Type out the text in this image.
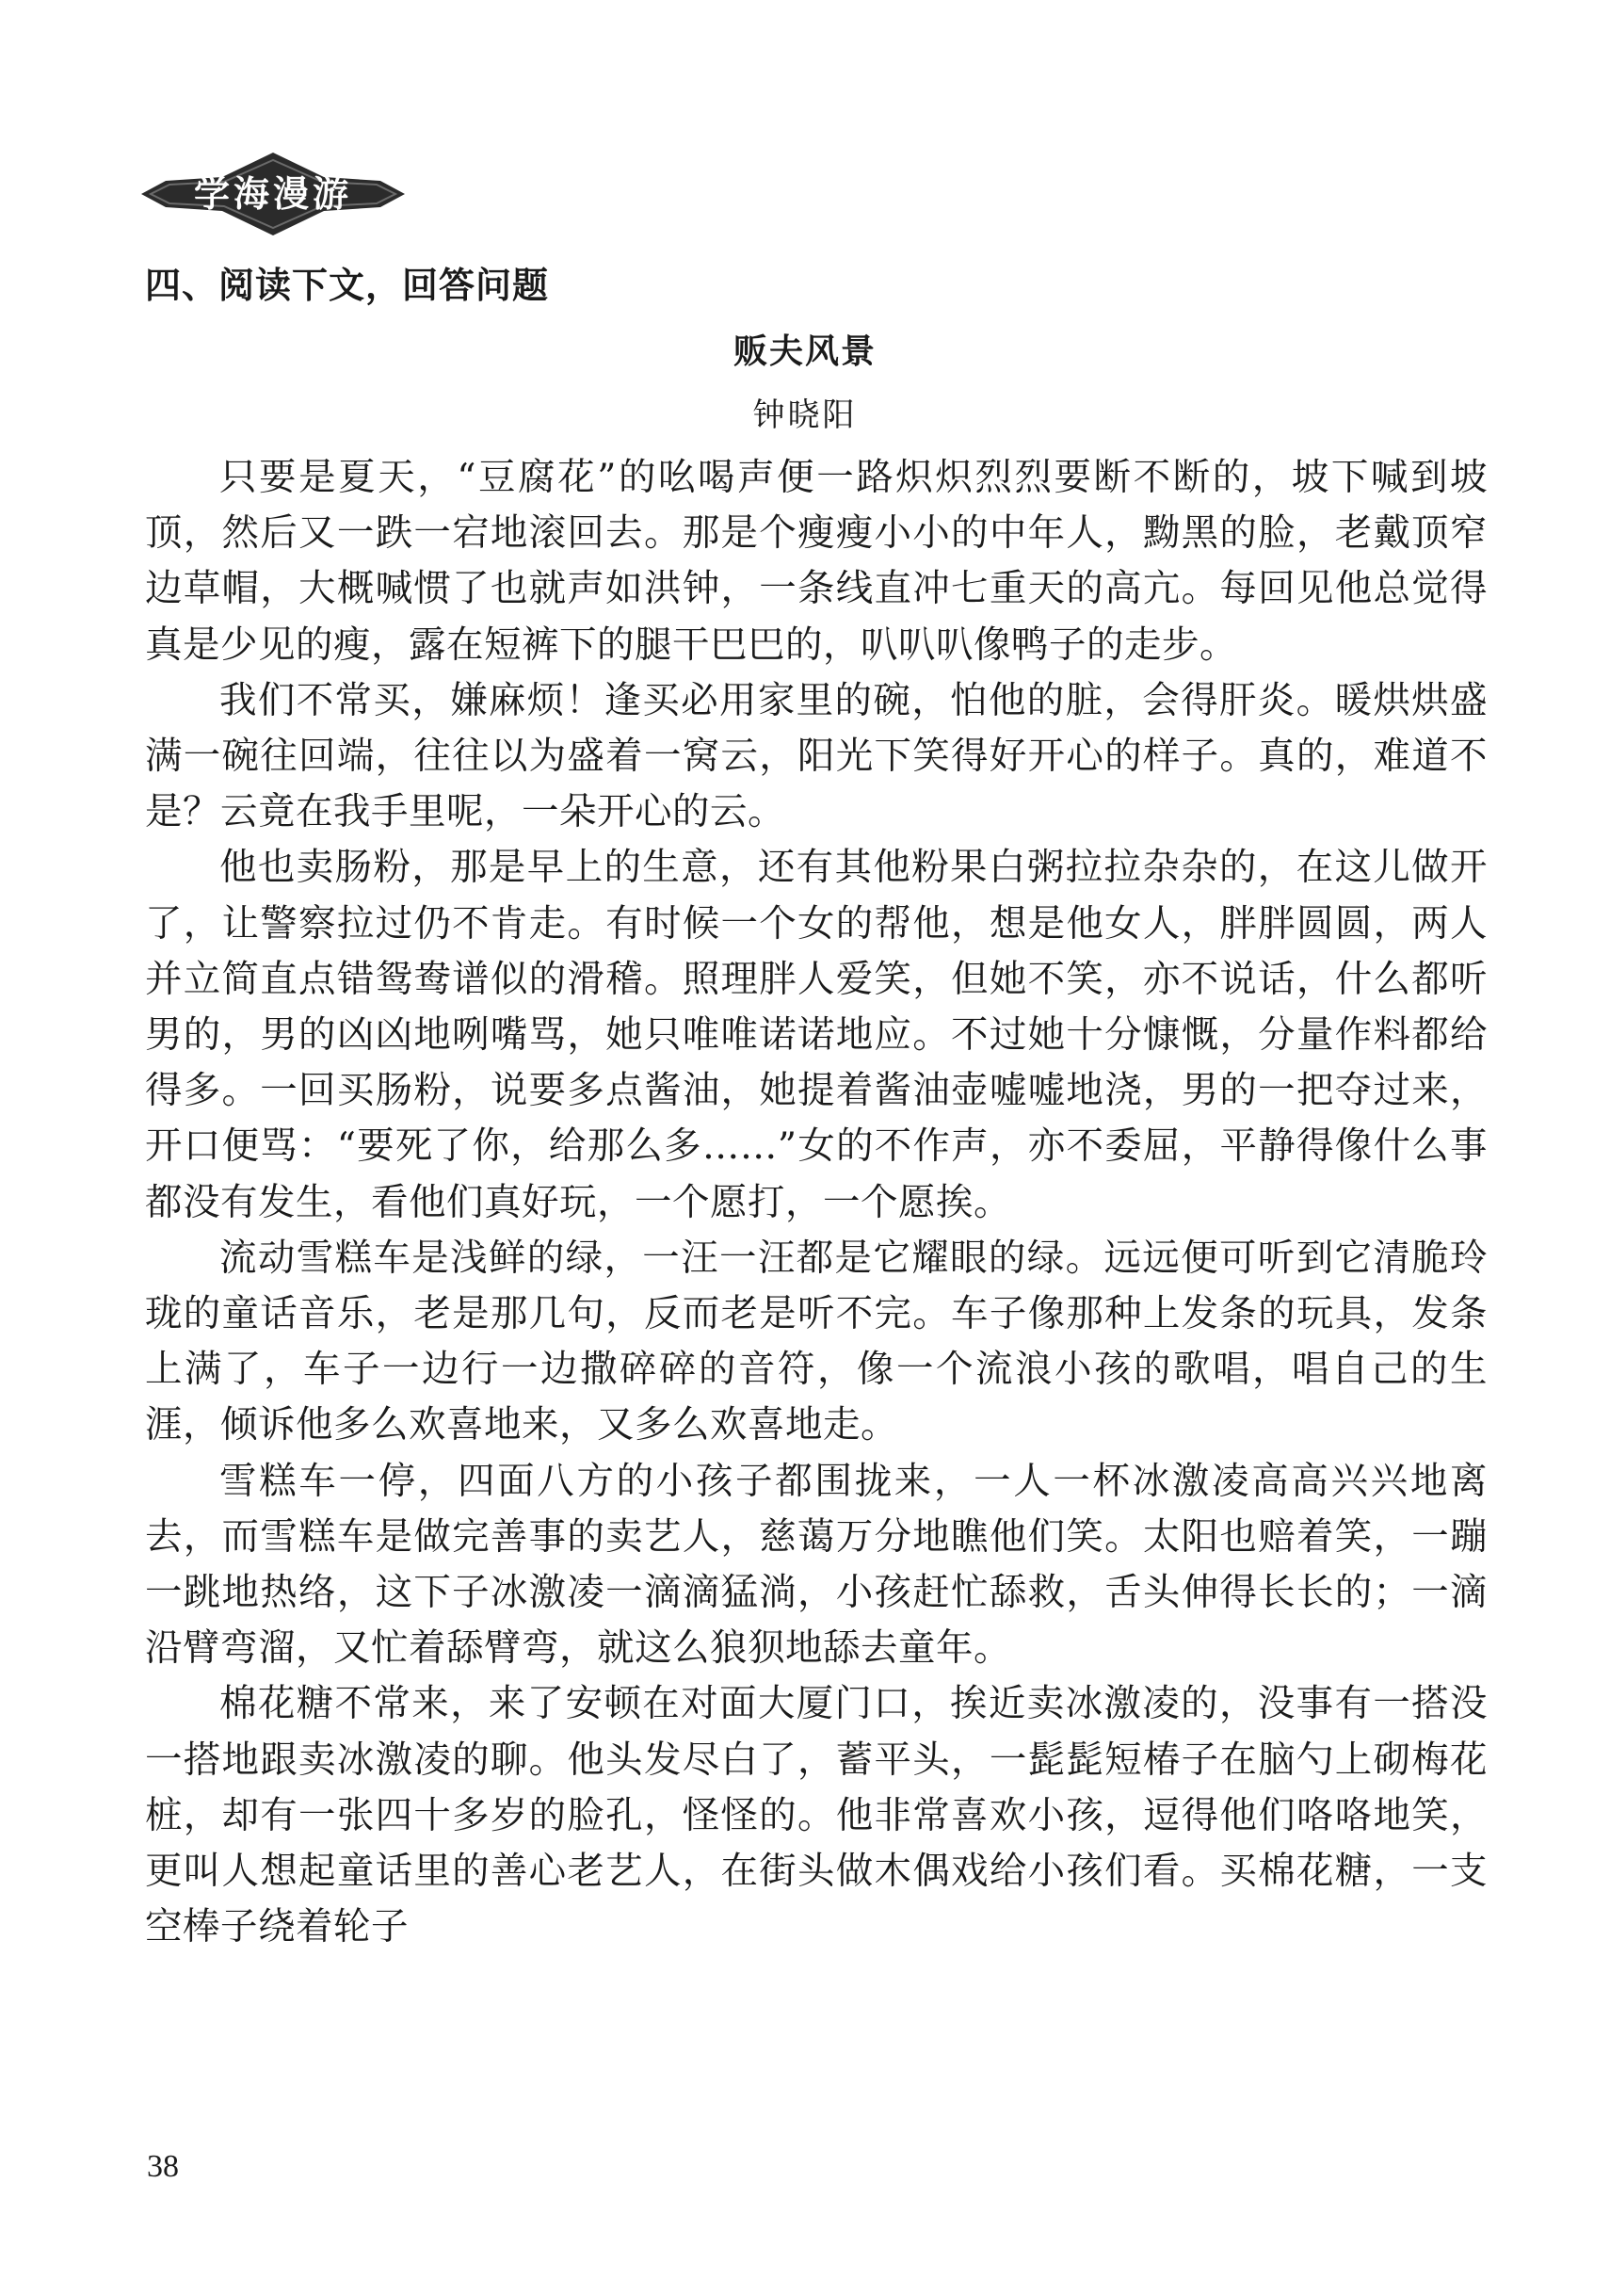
学海漫游
四、阅读下文，回答问题
贩夫风景
钟晓阳

只要是夏天，“豆腐花”的吆喝声便一路炽炽烈烈要断不断的，坡下喊到坡顶，然后又一跌一宕地滚回去。那是个瘦瘦小小的中年人，黝黑的脸，老戴顶窄边草帽，大概喊惯了也就声如洪钟，一条线直冲七重天的高亢。每回见他总觉得真是少见的瘦，露在短裤下的腿干巴巴的，叭叭叭像鸭子的走步。

我们不常买，嫌麻烦！逢买必用家里的碗，怕他的脏，会得肝炎。暖烘烘盛满一碗往回端，往往以为盛着一窝云，阳光下笑得好开心的样子。真的，难道不是？云竟在我手里呢，一朵开心的云。

他也卖肠粉，那是早上的生意，还有其他粉果白粥拉拉杂杂的，在这儿做开了，让警察拉过仍不肯走。有时候一个女的帮他，想是他女人，胖胖圆圆，两人并立简直点错鸳鸯谱似的滑稽。照理胖人爱笑，但她不笑，亦不说话，什么都听男的，男的凶凶地咧嘴骂，她只唯唯诺诺地应。不过她十分慷慨，分量作料都给得多。一回买肠粉，说要多点酱油，她提着酱油壶嘘嘘地浇，男的一把夺过来，开口便骂：“要死了你，给那么多……”女的不作声，亦不委屈，平静得像什么事都没有发生，看他们真好玩，一个愿打，一个愿挨。

流动雪糕车是浅鲜的绿，一汪一汪都是它耀眼的绿。远远便可听到它清脆玲珑的童话音乐，老是那几句，反而老是听不完。车子像那种上发条的玩具，发条上满了，车子一边行一边撒碎碎的音符，像一个流浪小孩的歌唱，唱自己的生涯，倾诉他多么欢喜地来，又多么欢喜地走。

雪糕车一停，四面八方的小孩子都围拢来，一人一杯冰激凌高高兴兴地离去，而雪糕车是做完善事的卖艺人，慈蔼万分地瞧他们笑。太阳也赔着笑，一蹦一跳地热络，这下子冰激凌一滴滴猛淌，小孩赶忙舔救，舌头伸得长长的；一滴沿臂弯溜，又忙着舔臂弯，就这么狼狈地舔去童年。

棉花糖不常来，来了安顿在对面大厦门口，挨近卖冰激凌的，没事有一搭没一搭地跟卖冰激凌的聊。他头发尽白了，蓄平头，一髭髭短椿子在脑勺上砌梅花桩，却有一张四十多岁的脸孔，怪怪的。他非常喜欢小孩，逗得他们咯咯地笑，更叫人想起童话里的善心老艺人，在街头做木偶戏给小孩们看。买棉花糖，一支空棒子绕着轮子

38
